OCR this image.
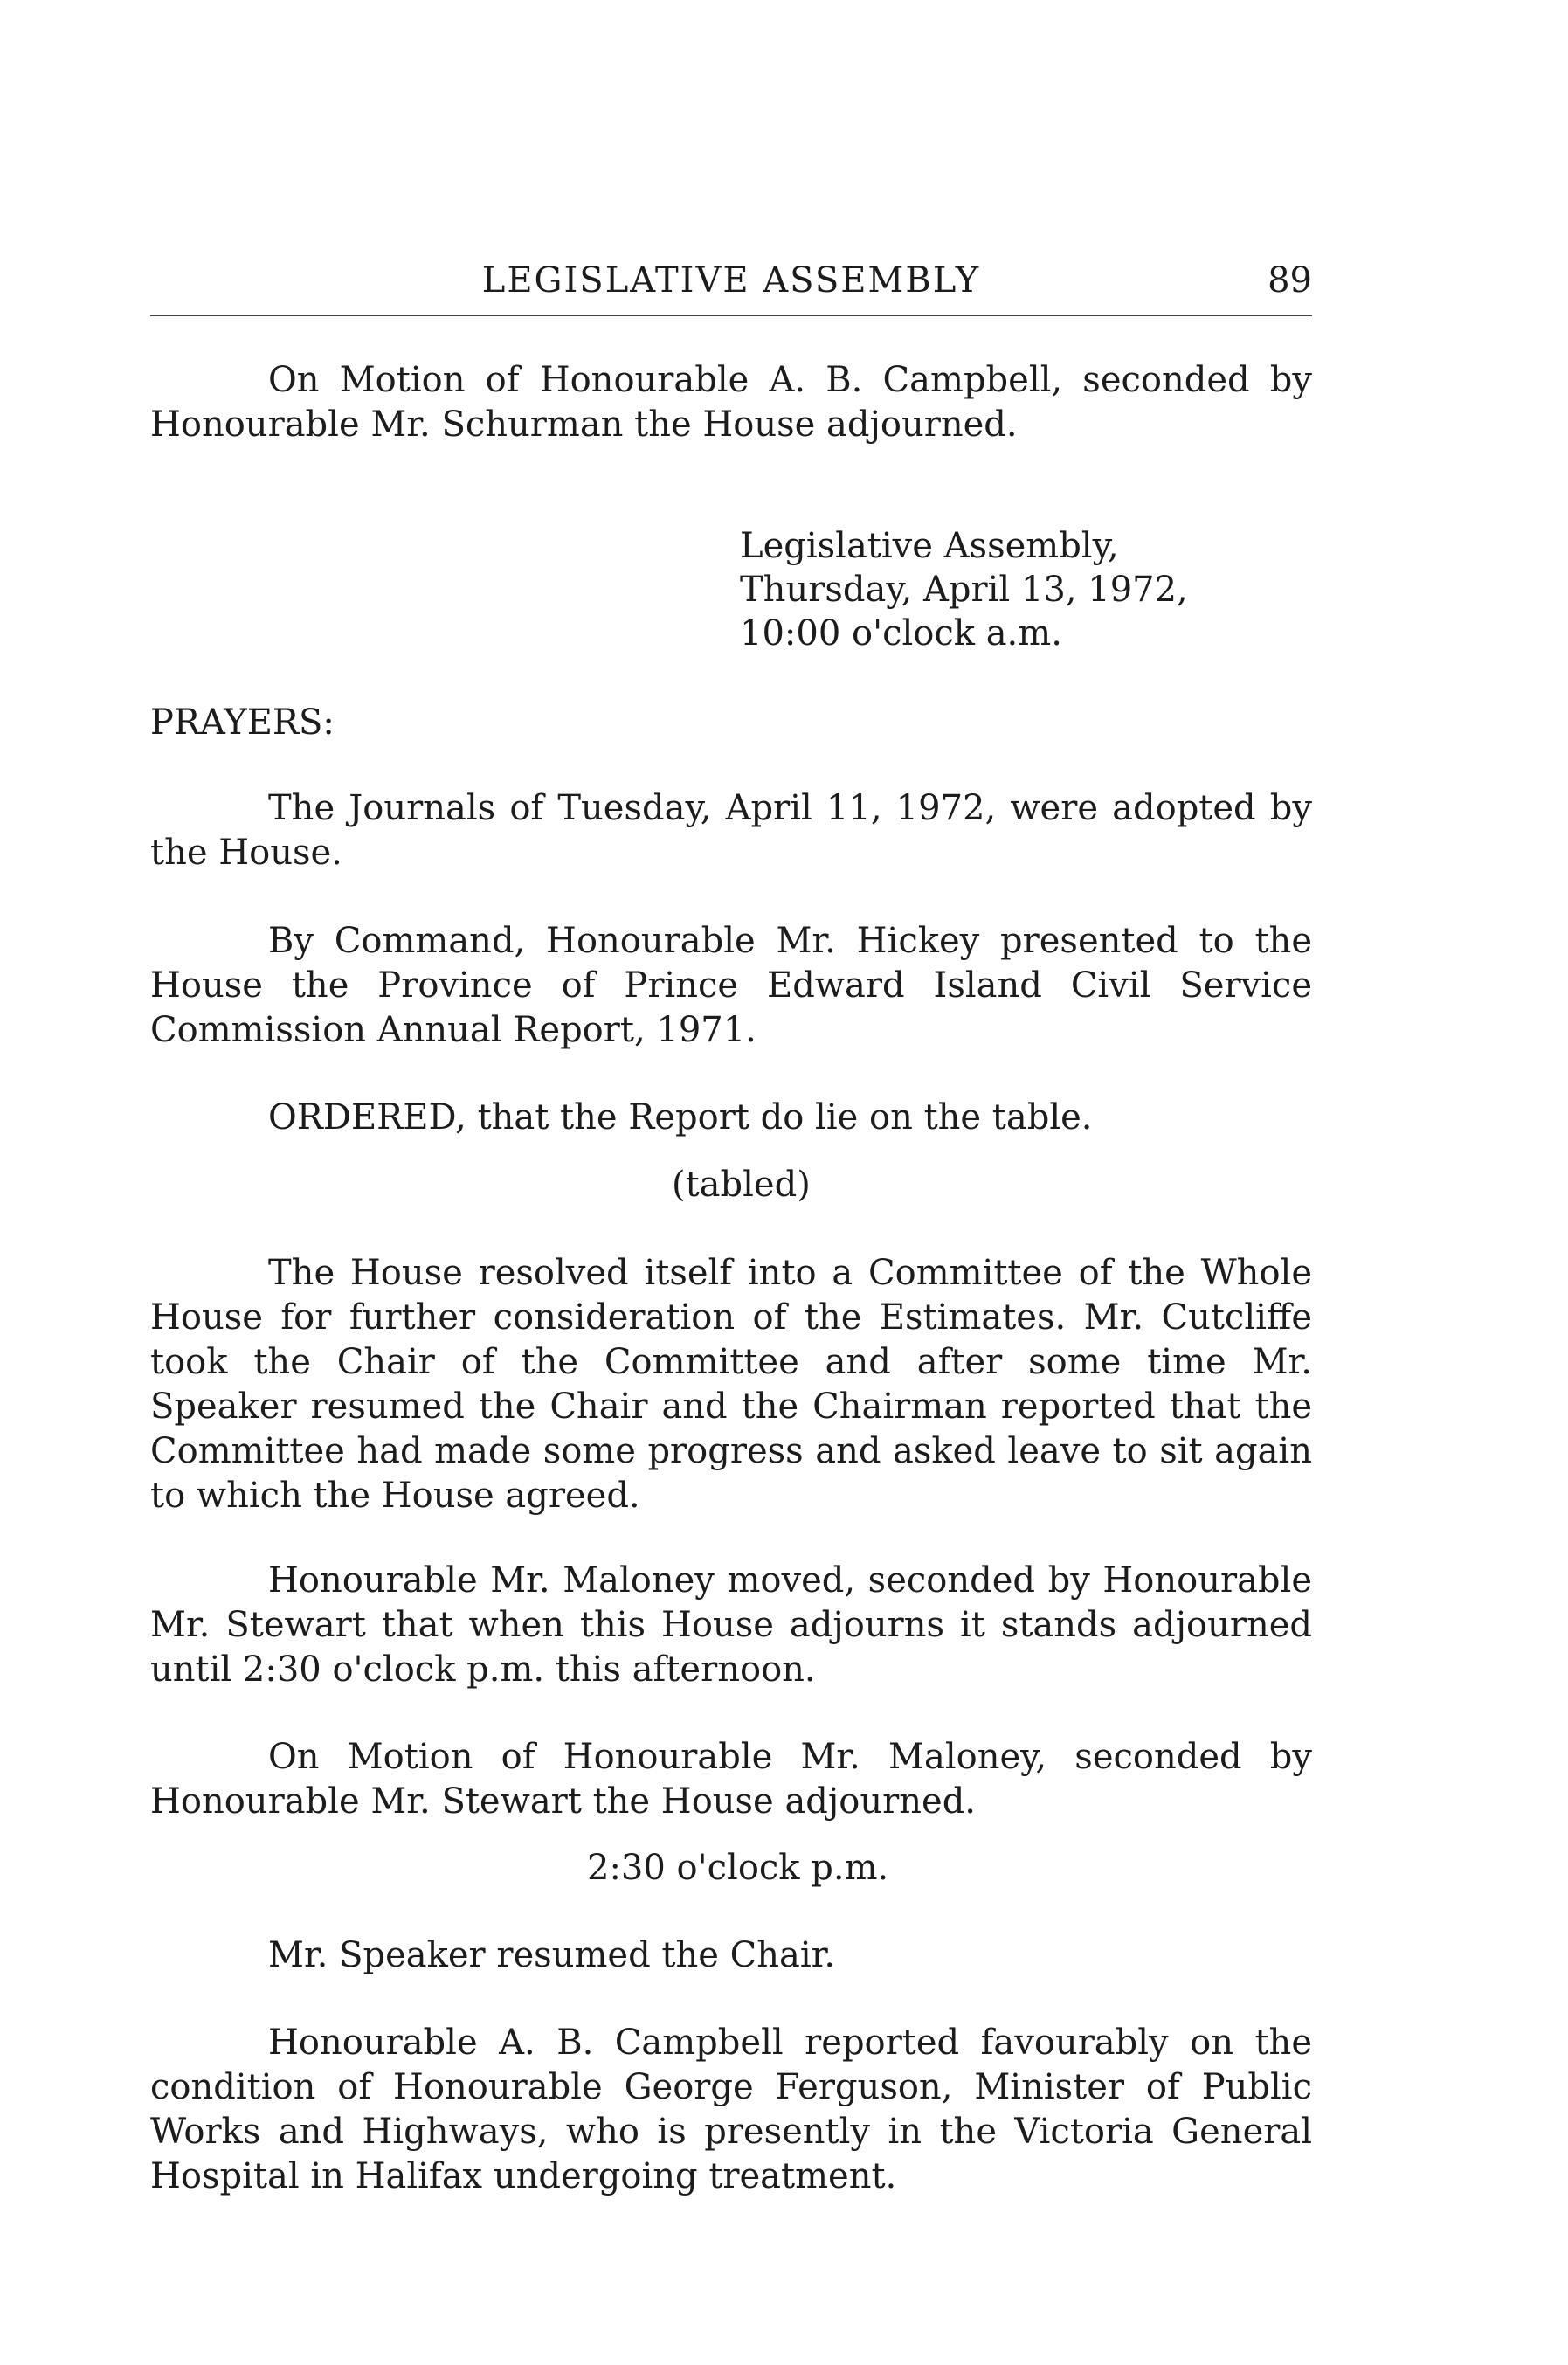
LEGISLATIVE ASSEMBLY	89

On Motion of Honourable A. B. Campbell, seconded by Honourable Mr. Schurman the House adjourned.

Legislative Assembly,
Thursday, April 13, 1972,
10:00 o'clock a.m.
PRAYERS:

The Journals of Tuesday, April 11, 1972, were adopted by the House.

By Command, Honourable Mr. Hickey presented to the House the Province of Prince Edward Island Civil Service Commission Annual Report, 1971.

ORDERED, that the Report do lie on the table.

(tabled)

The House resolved itself into a Committee of the Whole House for further consideration of the Estimates. Mr. Cutcliffe took the Chair of the Committee and after some time Mr. Speaker resumed the Chair and the Chairman reported that the Committee had made some progress and asked leave to sit again to which the House agreed.

Honourable Mr. Maloney moved, seconded by Honourable Mr. Stewart that when this House adjourns it stands adjourned until 2:30 o'clock p.m. this afternoon.

On Motion of Honourable Mr. Maloney, seconded by Honourable Mr. Stewart the House adjourned.

2:30 o'clock p.m.

Mr. Speaker resumed the Chair.

Honourable A. B. Campbell reported favourably on the condition of Honourable George Ferguson, Minister of Public Works and Highways, who is presently in the Victoria General Hospital in Halifax undergoing treatment.
